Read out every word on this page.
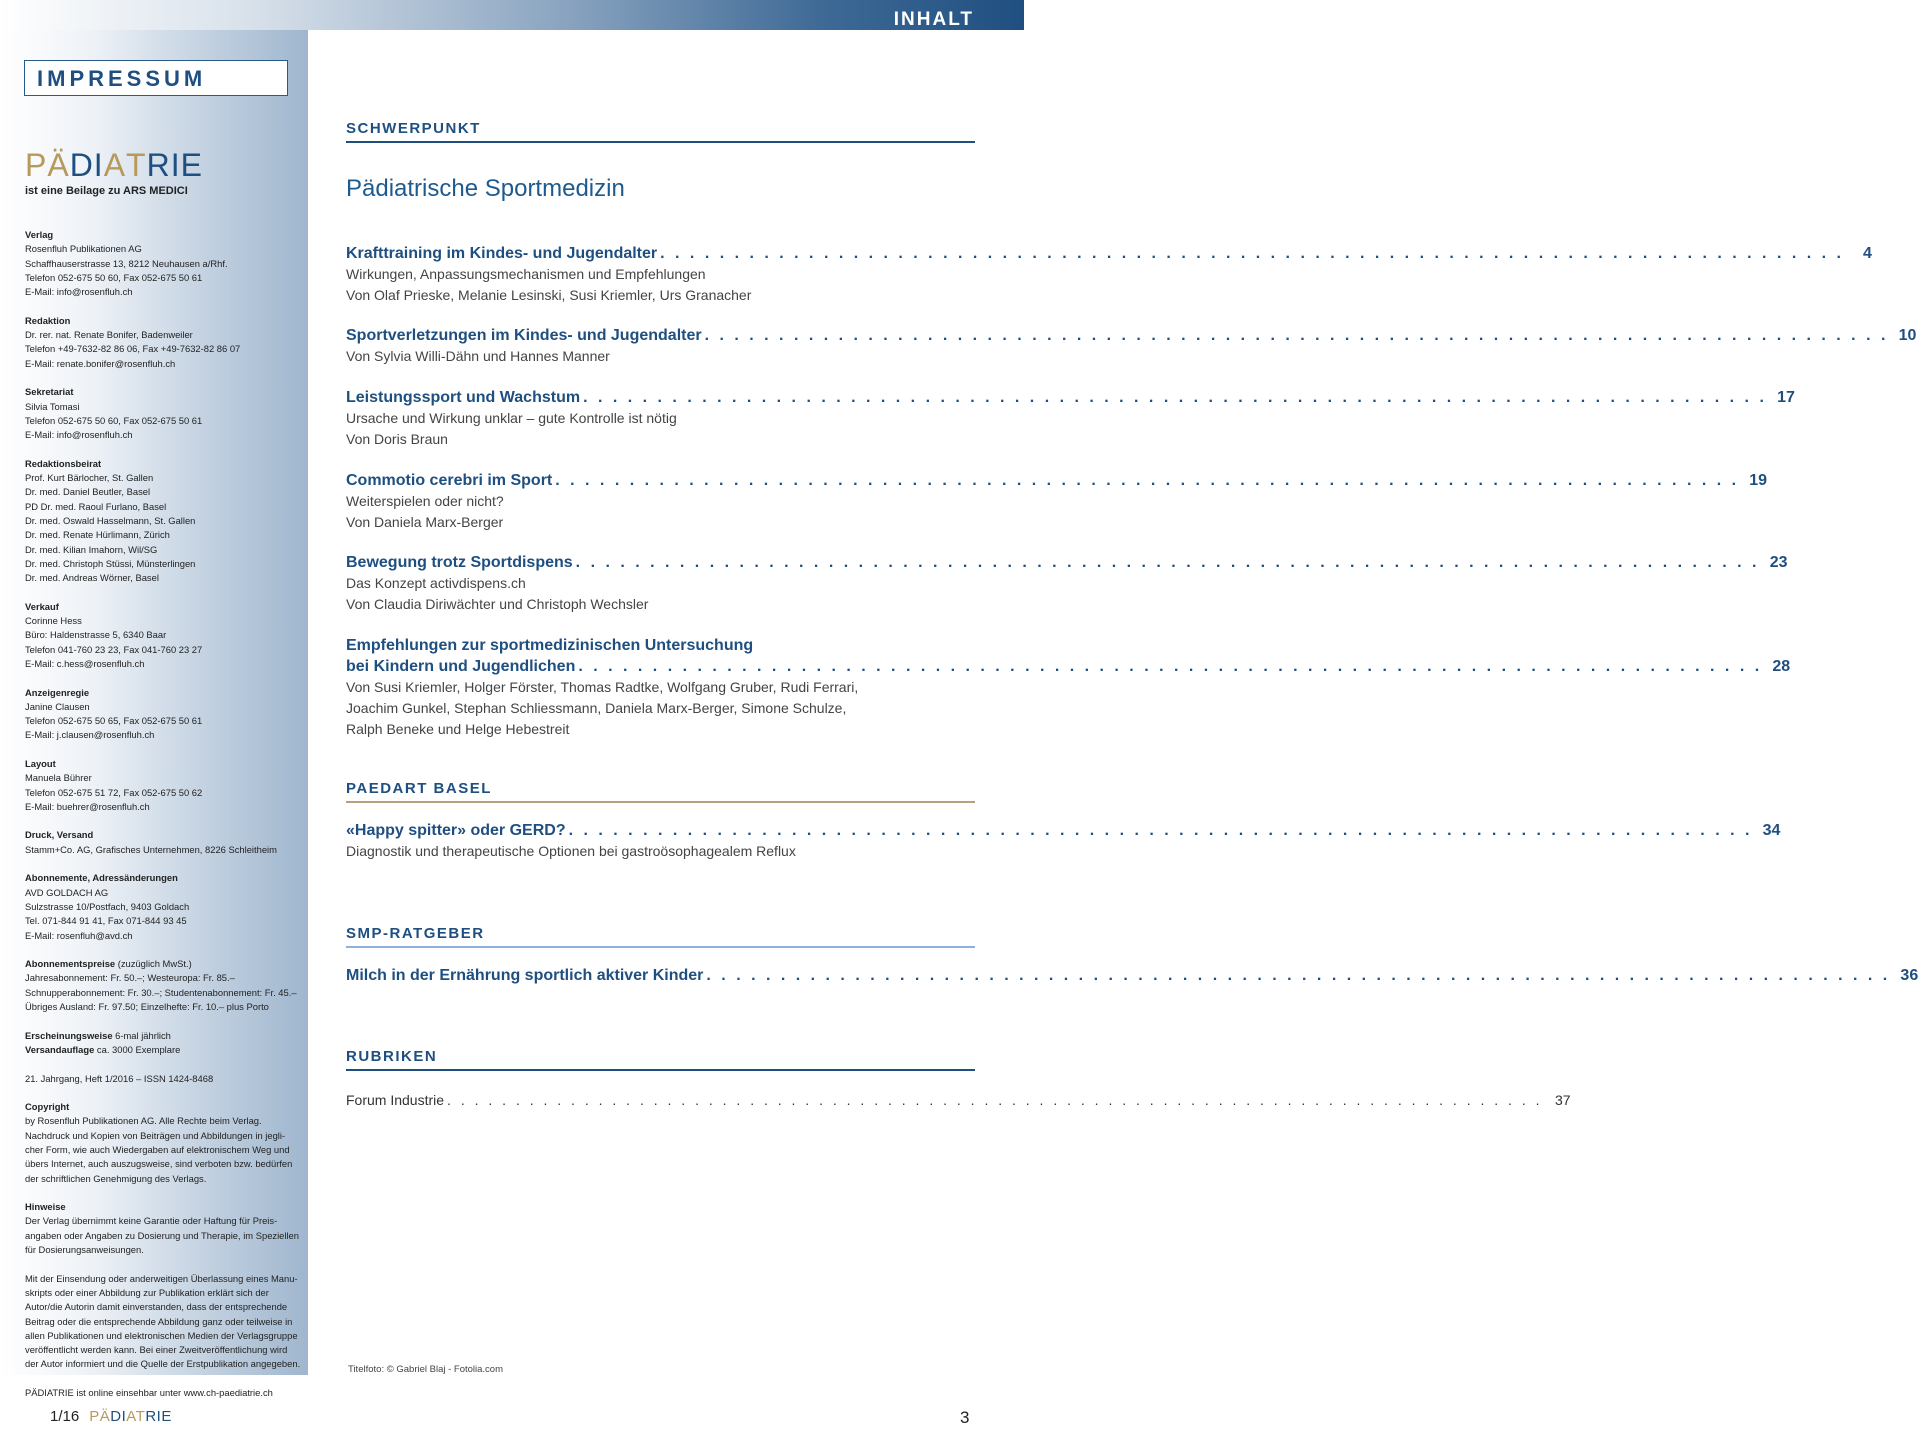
INHALT
IMPRESSUM
PÄDIATRIE
ist eine Beilage zu ARS MEDICI
Verlag
Rosenfluh Publikationen AG
Schaffhauserstrasse 13, 8212 Neuhausen a/Rhf.
Telefon 052-675 50 60, Fax 052-675 50 61
E-Mail: info@rosenfluh.ch
Redaktion
Dr. rer. nat. Renate Bonifer, Badenweiler
Telefon +49-7632-82 86 06, Fax +49-7632-82 86 07
E-Mail: renate.bonifer@rosenfluh.ch
Sekretariat
Silvia Tomasi
Telefon 052-675 50 60, Fax 052-675 50 61
E-Mail: info@rosenfluh.ch
Redaktionsbeirat
Prof. Kurt Bärlocher, St. Gallen
Dr. med. Daniel Beutler, Basel
PD Dr. med. Raoul Furlano, Basel
Dr. med. Oswald Hasselmann, St. Gallen
Dr. med. Renate Hürlimann, Zürich
Dr. med. Kilian Imahorn, Wil/SG
Dr. med. Christoph Stüssi, Münsterlingen
Dr. med. Andreas Wörner, Basel
Verkauf
Corinne Hess
Büro: Haldenstrasse 5, 6340 Baar
Telefon 041-760 23 23, Fax 041-760 23 27
E-Mail: c.hess@rosenfluh.ch
Anzeigenregie
Janine Clausen
Telefon 052-675 50 65, Fax 052-675 50 61
E-Mail: j.clausen@rosenfluh.ch
Layout
Manuela Bührer
Telefon 052-675 51 72, Fax 052-675 50 62
E-Mail: buehrer@rosenfluh.ch
Druck, Versand
Stamm+Co. AG, Grafisches Unternehmen, 8226 Schleitheim
Abonnemente, Adressänderungen
AVD GOLDACH AG
Sulzstrasse 10/Postfach, 9403 Goldach
Tel. 071-844 91 41, Fax 071-844 93 45
E-Mail: rosenfluh@avd.ch
Abonnementspreise (zuzüglich MwSt.)
Jahresabonnement: Fr. 50.–; Westeuropa: Fr. 85.–
Schnupperabonnement: Fr. 30.–; Studentenabonnement: Fr. 45.–
Übriges Ausland: Fr. 97.50; Einzelhefte: Fr. 10.– plus Porto
Erscheinungsweise 6-mal jährlich
Versandauflage ca. 3000 Exemplare
21. Jahrgang, Heft 1/2016 – ISSN 1424-8468
Copyright
by Rosenfluh Publikationen AG. Alle Rechte beim Verlag.
Nachdruck und Kopien von Beiträgen und Abbildungen in jegli-
cher Form, wie auch Wiedergaben auf elektronischem Weg und
übers Internet, auch auszugsweise, sind verboten bzw. bedürfen
der schriftlichen Genehmigung des Verlags.
Hinweise
Der Verlag übernimmt keine Garantie oder Haftung für Preis-
angaben oder Angaben zu Dosierung und Therapie, im Speziellen
für Dosierungsanweisungen.
Mit der Einsendung oder anderweitigen Überlassung eines Manu-
skripts oder einer Abbildung zur Publikation erklärt sich der
Autor/die Autorin damit einverstanden, dass der entsprechende
Beitrag oder die entsprechende Abbildung ganz oder teilweise in
allen Publikationen und elektronischen Medien der Verlagsgruppe
veröffentlicht werden kann. Bei einer Zweitveröffentlichung wird
der Autor informiert und die Quelle der Erstpublikation angegeben.
PÄDIATRIE ist online einsehbar unter www.ch-paediatrie.ch
SCHWERPUNKT
Pädiatrische Sportmedizin
Krafttraining im Kindes- und Jugendalter . . . . . . . . . . . . . . . . . . . . . . . . . . . . . . . . . . . . . . . . . . . . . . . . . . . . . . . . . . . . . . . . . . . . . . . . . . . . . . . .	4
Wirkungen, Anpassungsmechanismen und Empfehlungen
Von Olaf Prieske, Melanie Lesinski, Susi Kriemler, Urs Granacher
Sportverletzungen im Kindes- und Jugendalter . . . . . . . . . . . . . . . . . . . . . . . . . . . . . . . . . . . . . . . . . . . . . . . . . . . . . . . . . . . . . . . . . . . . . . . . . . . . . . . . 10
Von Sylvia Willi-Dähn und Hannes Manner
Leistungssport und Wachstum . . . . . . . . . . . . . . . . . . . . . . . . . . . . . . . . . . . . . . . . . . . . . . . . . . . . . . . . . . . . . . . . . . . . . . . . . . . . . . . . 17
Ursache und Wirkung unklar – gute Kontrolle ist nötig
Von Doris Braun
Commotio cerebri im Sport . . . . . . . . . . . . . . . . . . . . . . . . . . . . . . . . . . . . . . . . . . . . . . . . . . . . . . . . . . . . . . . . . . . . . . . . . . . . . . . . 19
Weiterspielen oder nicht?
Von Daniela Marx-Berger
Bewegung trotz Sportdispens . . . . . . . . . . . . . . . . . . . . . . . . . . . . . . . . . . . . . . . . . . . . . . . . . . . . . . . . . . . . . . . . . . . . . . . . . . . . . . . . 23
Das Konzept activdispens.ch
Von Claudia Diriwächter und Christoph Wechsler
Empfehlungen zur sportmedizinischen Untersuchung
bei Kindern und Jugendlichen . . . . . . . . . . . . . . . . . . . . . . . . . . . . . . . . . . . . . . . . . . . . . . . . . . . . . . . . . . . . . . . . . . . . . . . . . . . . . . . . 28
Von Susi Kriemler, Holger Förster, Thomas Radtke, Wolfgang Gruber, Rudi Ferrari,
Joachim Gunkel, Stephan Schliessmann, Daniela Marx-Berger, Simone Schulze,
Ralph Beneke und Helge Hebestreit
PAEDART BASEL
«Happy spitter» oder GERD? . . . . . . . . . . . . . . . . . . . . . . . . . . . . . . . . . . . . . . . . . . . . . . . . . . . . . . . . . . . . . . . . . . . . . . . . . . . . . . . . 34
Diagnostik und therapeutische Optionen bei gastroösophagealem Reflux
SMP-RATGEBER
Milch in der Ernährung sportlich aktiver Kinder . . . . . . . . . . . . . . . . . . . . . . . . . . . . . . . . . . . . . . . . . . . . . . . . . . . . . . . . . . . . . . . . . . . . . . . . . . . . . . . . 36
RUBRIKEN
Forum Industrie . . . . . . . . . . . . . . . . . . . . . . . . . . . . . . . . . . . . . . . . . . . . . . . . . . . . . . . . . . . . . . . . . . . . . . . . . . . . . . . . 37
Titelfoto: © Gabriel Blaj - Fotolia.com
1/16 PÄDIATRIE	3
